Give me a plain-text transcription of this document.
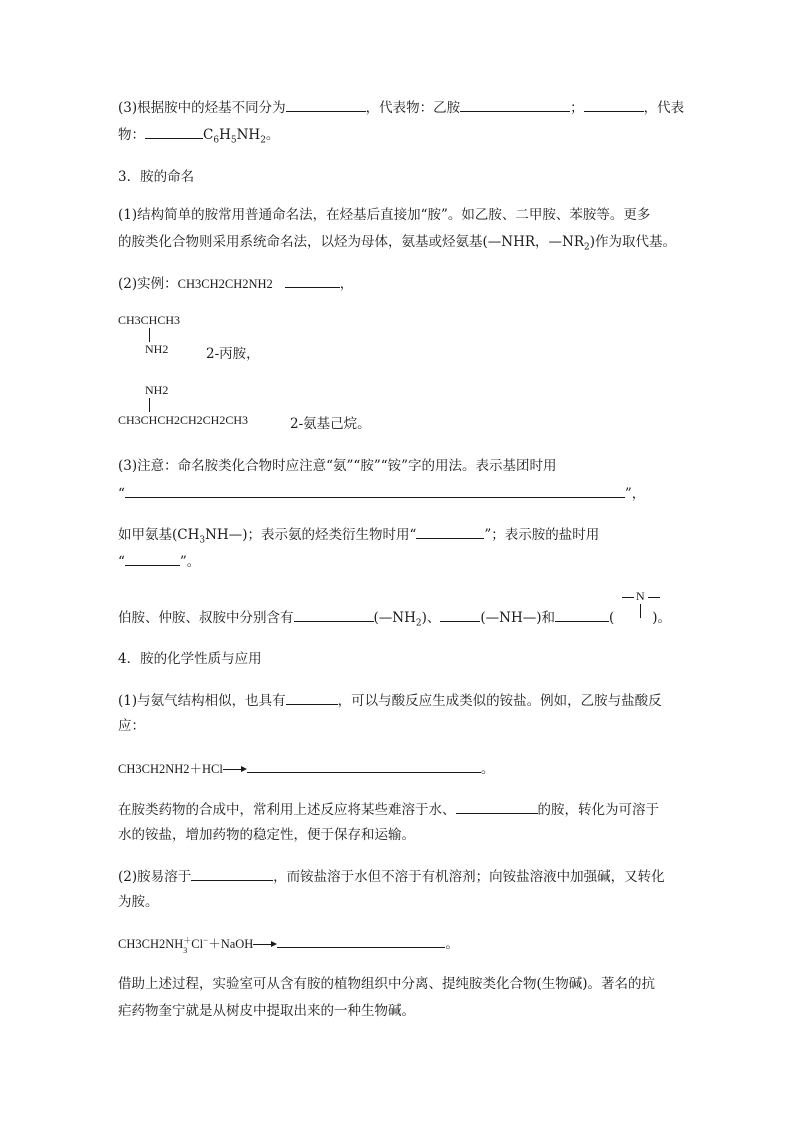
(3)根据胺中的烃基不同分为	，代表物：乙胺	；	，代表
物：	$C_6H_5NH_2$。
3．胺的命名
(1)结构简单的胺常用普通命名法，在烃基后直接加“胺”。如乙胺、二甲胺、苯胺等。更多
的胺类化合物则采用系统命名法，以烃为母体，氨基或烃氨基(—NHR，$—NR_2$)作为取代基。
(2)实例：CH3CH2CH2NH2	，
CH3CHCH3
NH2	2-丙胺，
NH2
CH3CHCH2CH2CH2CH3	2-氨基己烷。
(3)注意：命名胺类化合物时应注意“氨”“胺”“铵”字的用法。表示基团时用
“	”，
如甲氨基$(CH_3NH—)$；表示氨的烃类衍生物时用“	”；表示胺的盐时用
“	”。
N
伯胺、仲胺、叔胺中分别含有	$(—NH_2)$、	(—NH—)和	(	)。
4．胺的化学性质与应用
(1)与氨气结构相似，也具有	，可以与酸反应生成类似的铵盐。例如，乙胺与盐酸反
应：
CH3CH2NH2＋HCl	。
在胺类药物的合成中，常利用上述反应将某些难溶于水、	的胺，转化为可溶于
水的铵盐，增加药物的稳定性，便于保存和运输。
(2)胺易溶于	，而铵盐溶于水但不溶于有机溶剂；向铵盐溶液中加强碱，又转化
为胺。
CH3CH2NH ＋
3 Cl−＋NaOH	。
借助上述过程，实验室可从含有胺的植物组织中分离、提纯胺类化合物(生物碱)。著名的抗
疟药物奎宁就是从树皮中提取出来的一种生物碱。
